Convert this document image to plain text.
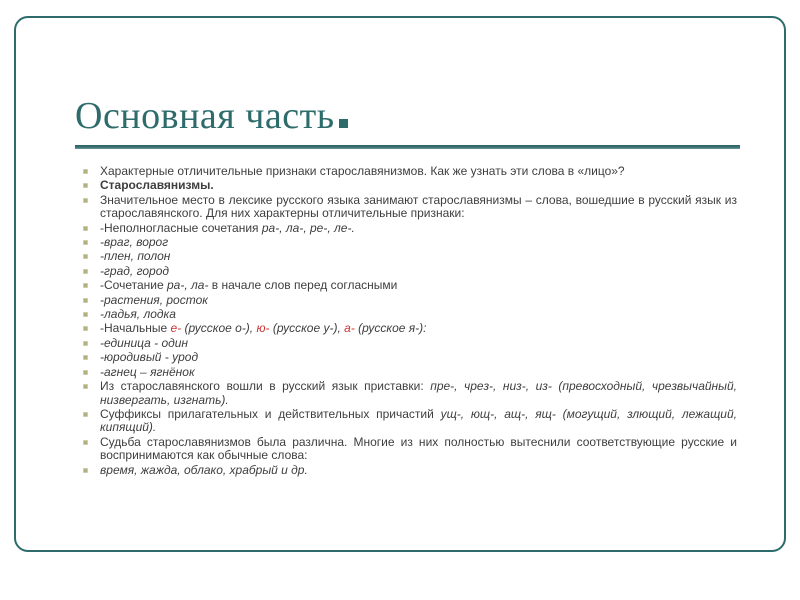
Основная часть
Характерные отличительные признаки старославянизмов. Как же узнать эти слова в «лицо»?
Старославянизмы.
Значительное место в лексике русского языка занимают старославянизмы – слова, вошедшие в русский язык из старославянского. Для них характерны отличительные признаки:
-Неполногласные сочетания ра-, ла-, ре-, ле-.
-враг, ворог
-плен, полон
-град, город
-Сочетание ра-, ла- в начале слов перед согласными
-растения, росток
-ладья, лодка
-Начальные е- (русское о-), ю- (русское у-), а- (русское я-):
-единица - один
-юродивый - урод
-агнец – ягнёнок
Из старославянского вошли в русский язык приставки: пре-, чрез-, низ-, из- (превосходный, чрезвычайный, низвергать, изгнать).
Суффиксы прилагательных и действительных причастий ущ-, ющ-, ащ-, ящ- (могущий, злющий, лежащий, кипящий).
Судьба старославянизмов была различна. Многие из них полностью вытеснили соответствующие русские и воспринимаются как обычные слова:
время, жажда, облако, храбрый и др.
